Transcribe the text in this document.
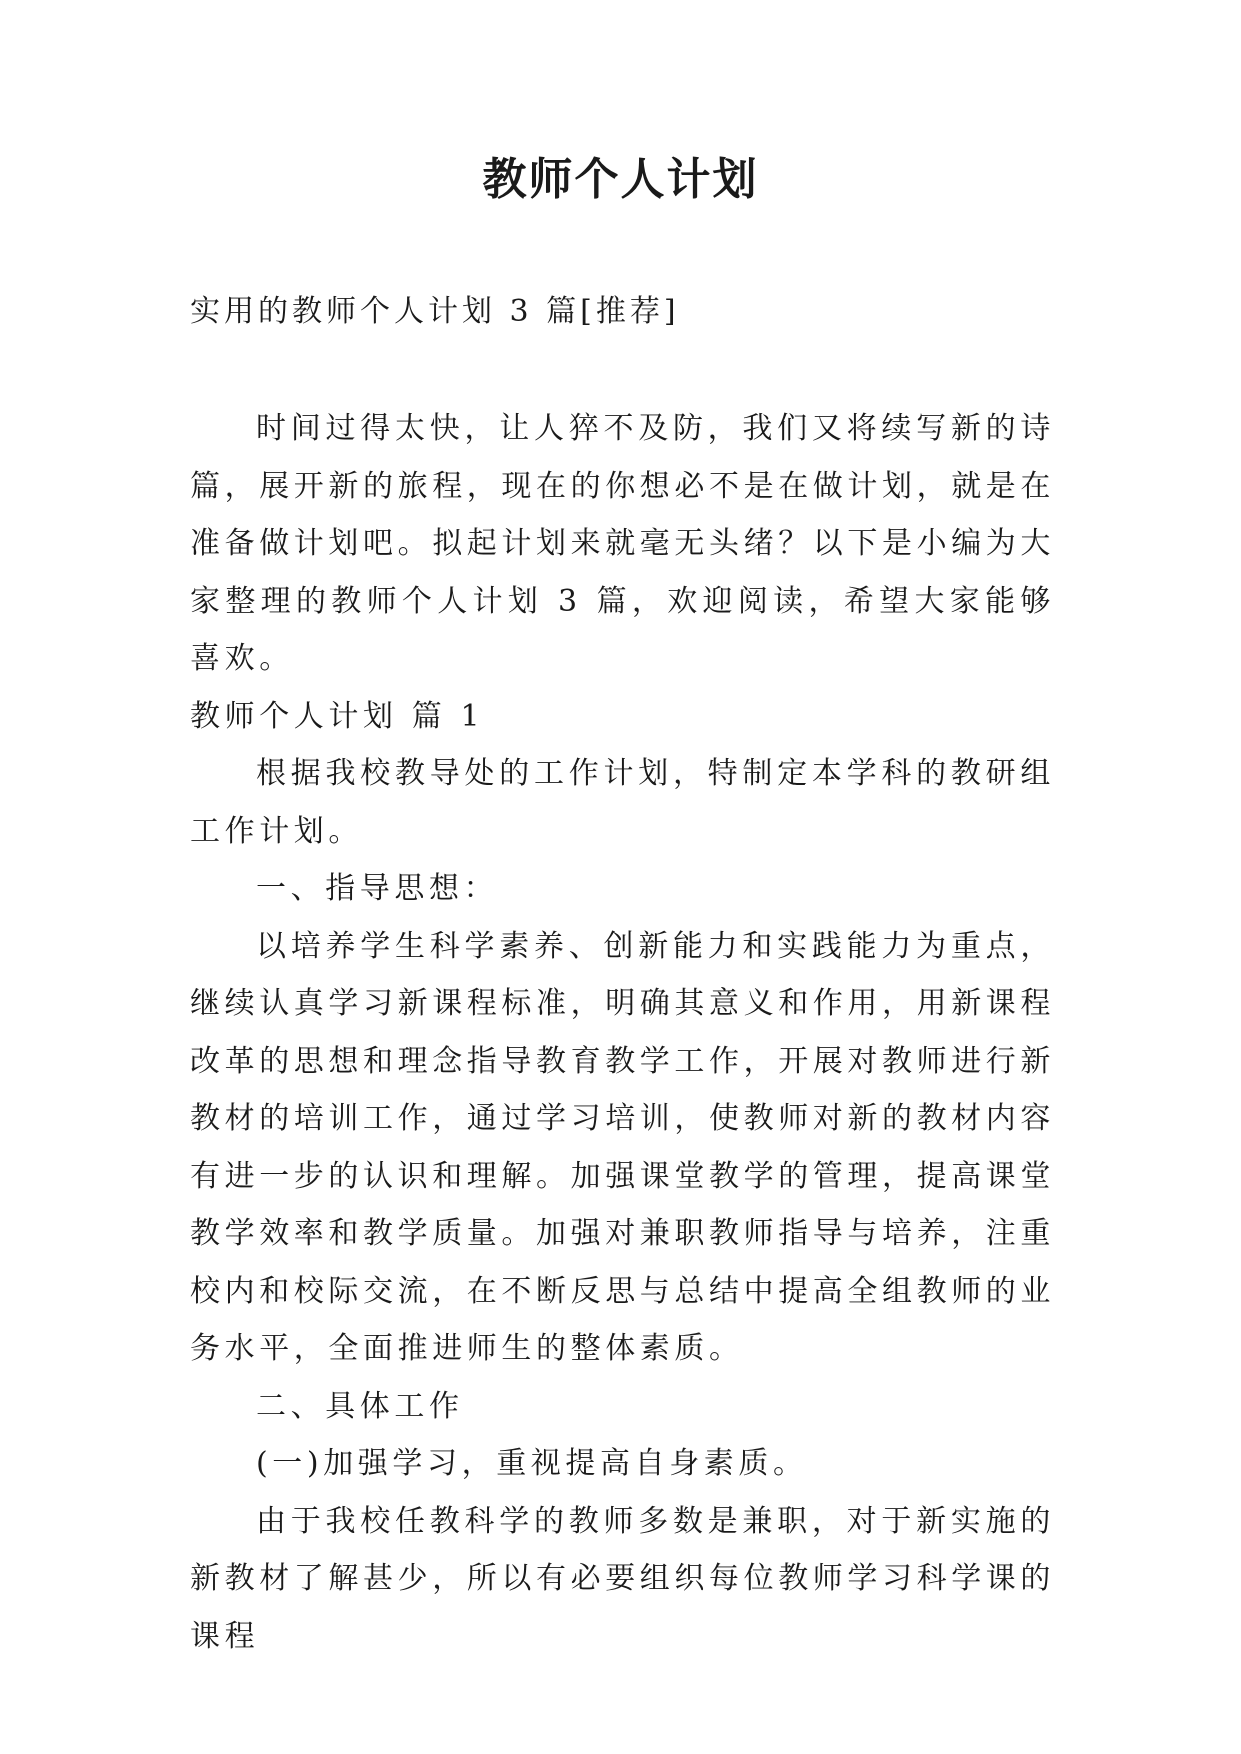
教师个人计划
实用的教师个人计划 3 篇[推荐]

时间过得太快，让人猝不及防，我们又将续写新的诗篇，展开新的旅程，现在的你想必不是在做计划，就是在准备做计划吧。拟起计划来就毫无头绪？以下是小编为大家整理的教师个人计划 3 篇，欢迎阅读，希望大家能够喜欢。

教师个人计划 篇 1

根据我校教导处的工作计划，特制定本学科的教研组工作计划。

一、指导思想：

以培养学生科学素养、创新能力和实践能力为重点，继续认真学习新课程标准，明确其意义和作用，用新课程改革的思想和理念指导教育教学工作，开展对教师进行新教材的培训工作，通过学习培训，使教师对新的教材内容有进一步的认识和理解。加强课堂教学的管理，提高课堂教学效率和教学质量。加强对兼职教师指导与培养，注重校内和校际交流，在不断反思与总结中提高全组教师的业务水平，全面推进师生的整体素质。

二、具体工作

(一)加强学习，重视提高自身素质。

由于我校任教科学的教师多数是兼职，对于新实施的新教材了解甚少，所以有必要组织每位教师学习科学课的课程
